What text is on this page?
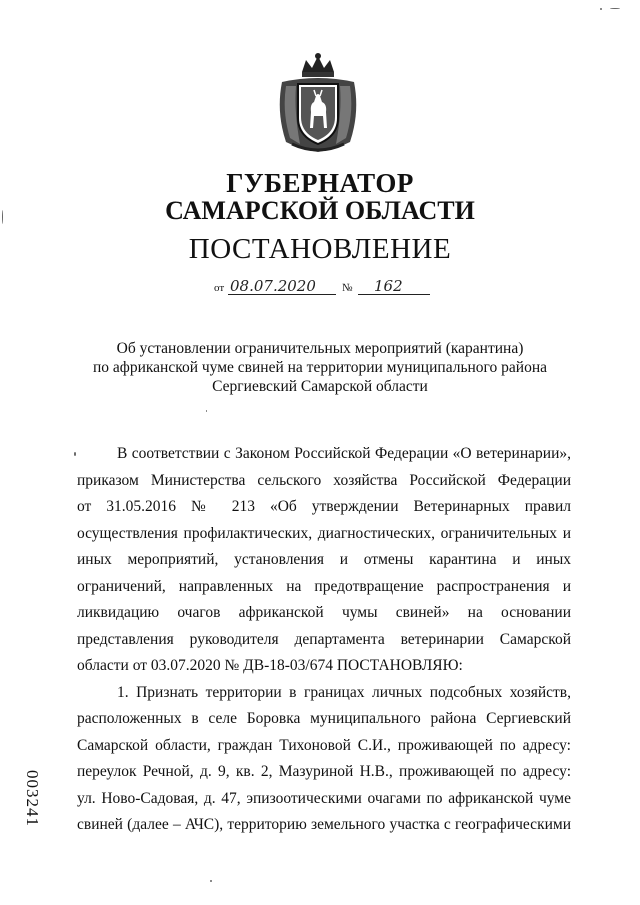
ГУБЕРНАТОР
САМАРСКОЙ ОБЛАСТИ
ПОСТАНОВЛЕНИЕ
от 08.07.2020 № 162
Об установлении ограничительных мероприятий (карантина)
по африканской чуме свиней на территории муниципального района
Сергиевский Самарской области
В соответствии с Законом Российской Федерации «О ветеринарии»,
приказом Министерства сельского хозяйства Российской Федерации
от 31.05.2016 № 213 «Об утверждении Ветеринарных правил
осуществления профилактических, диагностических, ограничительных и
иных мероприятий, установления и отмены карантина и иных
ограничений, направленных на предотвращение распространения и
ликвидацию очагов африканской чумы свиней» на основании
представления руководителя департамента ветеринарии Самарской
области от 03.07.2020 № ДВ-18-03/674 ПОСТАНОВЛЯЮ:
1. Признать территории в границах личных подсобных хозяйств,
расположенных в селе Боровка муниципального района Сергиевский
Самарской области, граждан Тихоновой С.И., проживающей по адресу:
переулок Речной, д. 9, кв. 2, Мазуриной Н.В., проживающей по адресу:
ул. Ново-Садовая, д. 47, эпизоотическими очагами по африканской чуме
свиней (далее – АЧС), территорию земельного участка с географическими
003241
